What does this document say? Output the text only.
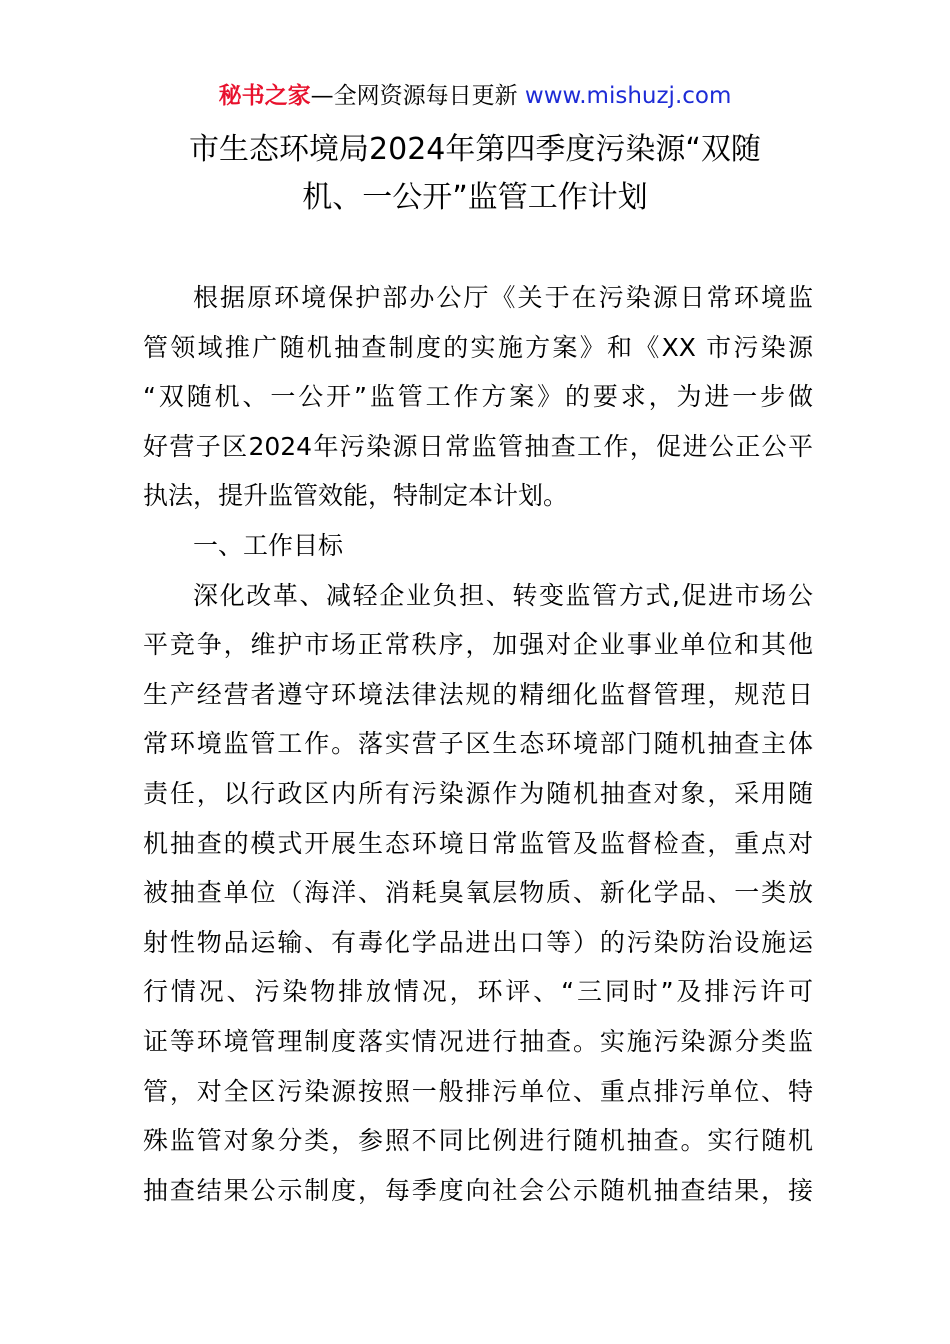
秘书之家—全网资源每日更新 www.mishuzj.com
市生态环境局2024年第四季度污染源“双随
机、一公开”监管工作计划
根据原环境保护部办公厅《关于在污染源日常环境监
管领域推广随机抽查制度的实施方案》和《XX 市污染源
“双随机、一公开”监管工作方案》的要求，为进一步做
好营子区2024年污染源日常监管抽查工作，促进公正公平
执法，提升监管效能，特制定本计划。
一、工作目标
深化改革、减轻企业负担、转变监管方式,促进市场公
平竞争，维护市场正常秩序，加强对企业事业单位和其他
生产经营者遵守环境法律法规的精细化监督管理，规范日
常环境监管工作。落实营子区生态环境部门随机抽查主体
责任，以行政区内所有污染源作为随机抽查对象，采用随
机抽查的模式开展生态环境日常监管及监督检查，重点对
被抽查单位（海洋、消耗臭氧层物质、新化学品、一类放
射性物品运输、有毒化学品进出口等）的污染防治设施运
行情况、污染物排放情况，环评、“三同时”及排污许可
证等环境管理制度落实情况进行抽查。实施污染源分类监
管，对全区污染源按照一般排污单位、重点排污单位、特
殊监管对象分类，参照不同比例进行随机抽查。实行随机
抽查结果公示制度，每季度向社会公示随机抽查结果，接
